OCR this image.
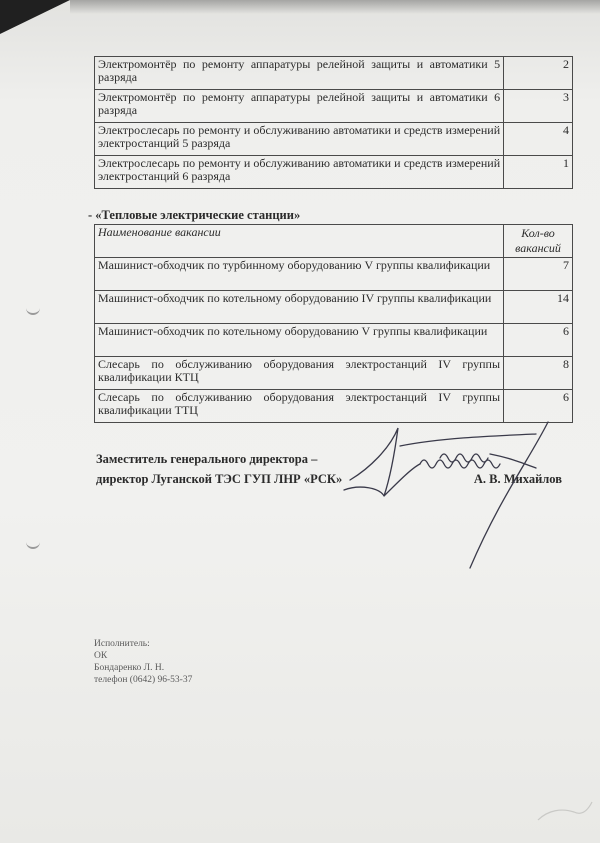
Электромонтёр по ремонту аппаратуры релейной защиты и автоматики 5 разряда	2
Электромонтёр по ремонту аппаратуры релейной защиты и автоматики 6 разряда	3
Электрослесарь по ремонту и обслуживанию автоматики и средств измерений электростанций 5 разряда	4
Электрослесарь по ремонту и обслуживанию автоматики и средств измерений электростанций 6 разряда	1
- «Тепловые электрические станции»
Наименование вакансии	Кол-во
вакансий
Машинист-обходчик по турбинному оборудованию V группы квалификации	7
Машинист-обходчик по котельному оборудованию IV группы квалификации	14
Машинист-обходчик по котельному оборудованию V группы квалификации	6
Слесарь по обслуживанию оборудования электростанций IV группы квалификации КТЦ	8
Слесарь по обслуживанию оборудования электростанций IV группы квалификации ТТЦ	6
Заместитель генерального директора –
директор Луганской ТЭС ГУП ЛНР «РСК»	А. В. Михайлов
Исполнитель:
ОК
Бондаренко Л. Н.
телефон (0642) 96-53-37
